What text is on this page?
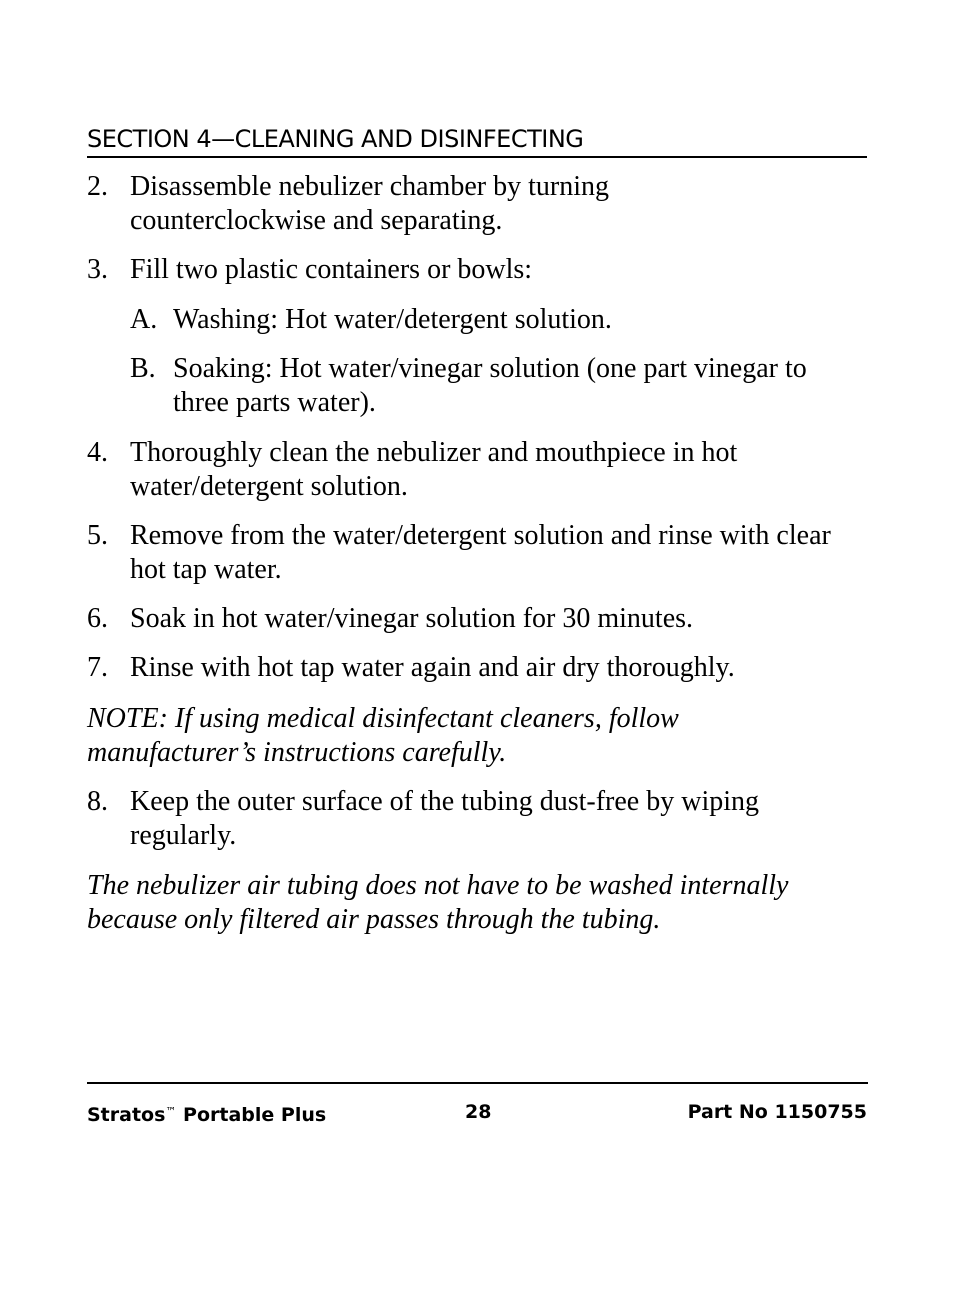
SECTION 4—CLEANING AND DISINFECTING
2. Disassemble nebulizer chamber by turning counterclockwise and separating.
3. Fill two plastic containers or bowls:
A. Washing: Hot water/detergent solution.
B. Soaking: Hot water/vinegar solution (one part vinegar to three parts water).
4. Thoroughly clean the nebulizer and mouthpiece in hot water/detergent solution.
5. Remove from the water/detergent solution and rinse with clear hot tap water.
6. Soak in hot water/vinegar solution for 30 minutes.
7. Rinse with hot tap water again and air dry thoroughly.
NOTE: If using medical disinfectant cleaners, follow manufacturer’s instructions carefully.
8. Keep the outer surface of the tubing dust-free by wiping regularly.
The nebulizer air tubing does not have to be washed internally because only filtered air passes through the tubing.
Stratos™ Portable Plus	28	Part No 1150755
